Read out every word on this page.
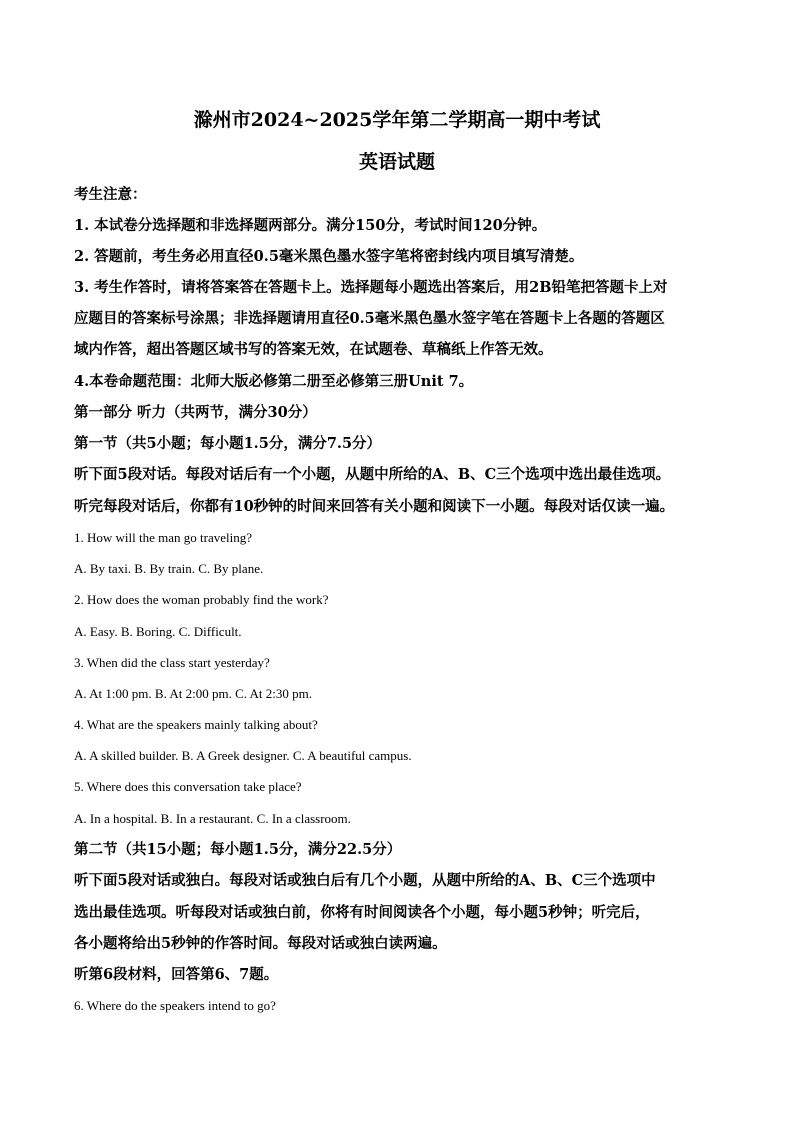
滁州市2024~2025学年第二学期高一期中考试
英语试题
考生注意：
1. 本试卷分选择题和非选择题两部分。满分150分，考试时间120分钟。
2. 答题前，考生务必用直径0.5毫米黑色墨水签字笔将密封线内项目填写清楚。
3. 考生作答时，请将答案答在答题卡上。选择题每小题选出答案后，用2B铅笔把答题卡上对
应题目的答案标号涂黑；非选择题请用直径0.5毫米黑色墨水签字笔在答题卡上各题的答题区
域内作答，超出答题区域书写的答案无效，在试题卷、草稿纸上作答无效。
4.本卷命题范围：北师大版必修第二册至必修第三册Unit 7。
第一部分 听力（共两节，满分30分）
第一节（共5小题；每小题1.5分，满分7.5分）
听下面5段对话。每段对话后有一个小题，从题中所给的A、B、C三个选项中选出最佳选项。
听完每段对话后，你都有10秒钟的时间来回答有关小题和阅读下一小题。每段对话仅读一遍。
1. How will the man go traveling?
A. By taxi. B. By train. C. By plane.
2. How does the woman probably find the work?
A. Easy. B. Boring. C. Difficult.
3. When did the class start yesterday?
A. At 1:00 pm. B. At 2:00 pm. C. At 2:30 pm.
4. What are the speakers mainly talking about?
A. A skilled builder. B. A Greek designer. C. A beautiful campus.
5. Where does this conversation take place?
A. In a hospital. B. In a restaurant. C. In a classroom.
第二节（共15小题；每小题1.5分，满分22.5分）
听下面5段对话或独白。每段对话或独白后有几个小题，从题中所给的A、B、C三个选项中
选出最佳选项。听每段对话或独白前，你将有时间阅读各个小题，每小题5秒钟；听完后，
各小题将给出5秒钟的作答时间。每段对话或独白读两遍。
听第6段材料，回答第6、7题。
6. Where do the speakers intend to go?
